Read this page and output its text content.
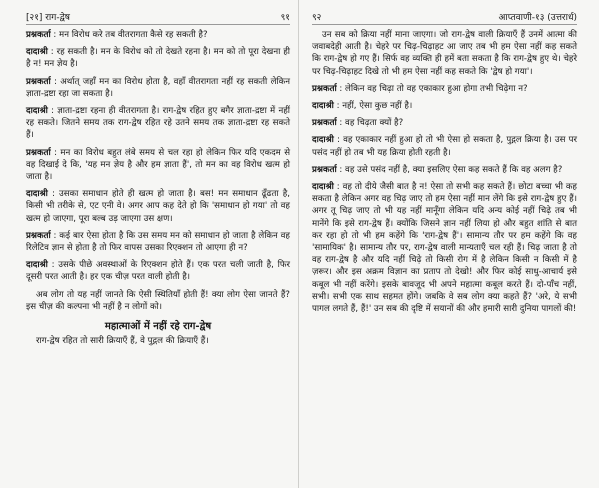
[२१] राग-द्वेष	९१

प्रश्नकर्ता : मन विरोध करे तब वीतरागता कैसे रह सकती है?

दादाश्री : रह सकती है। मन के विरोध को तो देखते रहना है। मन को तो पूरा देखना ही है न! मन ज्ञेय है।

प्रश्नकर्ता : अर्थात् जहाँ मन का विरोध होता है, वहाँ वीतरागता नहीं रह सकती लेकिन ज्ञाता-द्रष्टा रहा जा सकता है।

दादाश्री : ज्ञाता-द्रष्टा रहना ही वीतरागता है। राग-द्वेष रहित हुए बगैर ज्ञाता-द्रष्टा में नहीं रह सकते। जितने समय तक राग-द्वेष रहित रहे उतने समय तक ज्ञाता-द्रष्टा रह सकते हैं।

प्रश्नकर्ता : मन का विरोध बहुत लंबे समय से चल रहा हो लेकिन फिर यदि एकदम से वह दिखाई दे कि, 'यह मन ज्ञेय है और हम ज्ञाता हैं', तो मन का वह विरोध खत्म हो जाता है।

दादाश्री : उसका समाधान होते ही खत्म हो जाता है। बस! मन समाधान ढूँढता है, किसी भी तरीके से, एट एनी वे। अगर आप कह देते हो कि 'समाधान हो गया' तो वह खत्म हो जाएगा, पूरा बल्ब उड़ जाएगा उस क्षण।

प्रश्नकर्ता : कई बार ऐसा होता है कि उस समय मन को समाधान हो जाता है लेकिन वह रिलेटिव ज्ञान से होता है तो फिर वापस उसका रिएक्शन तो आएगा ही न?

दादाश्री : उसके पीछे अवस्थाओं के रिएक्शन होते हैं। एक परत चली जाती है, फिर दूसरी परत आती है। हर एक चीज़ परत वाली होती है।

अब लोग तो यह नहीं जानते कि ऐसी स्थितियाँ होती हैं! क्या लोग ऐसा जानते हैं? इस चीज़ की कल्पना भी नहीं है न लोगों को।

महात्माओं में नहीं रहे राग-द्वेष

राग-द्वेष रहित तो सारी क्रियाएँ हैं, वे पुद्गल की क्रियाएँ हैं।

९२	आप्तवाणी-१३ (उत्तरार्ध)

उन सब को क्रिया नहीं माना जाएगा। जो राग-द्वेष वाली क्रियाएँ हैं उनमें आत्मा की जवाबदेही आती है। चेहरे पर चिढ़-चिढ़ाहट आ जाए तब भी हम ऐसा नहीं कह सकते कि राग-द्वेष हो गए हैं। सिर्फ वह व्यक्ति ही हमें बता सकता है कि राग-द्वेष हुए थे। चेहरे पर चिढ़-चिढ़ाहट दिखे तो भी हम ऐसा नहीं कह सकते कि 'द्वेष हो गया'।

प्रश्नकर्ता : लेकिन वह चिढ़ा तो वह एकाकार हुआ होगा तभी चिढ़ेगा न?

दादाश्री : नहीं, ऐसा कुछ नहीं है।

प्रश्नकर्ता : वह चिढ़ता क्यों है?

दादाश्री : वह एकाकार नहीं हुआ हो तो भी ऐसा हो सकता है, पुद्गल क्रिया है। उस पर पसंद नहीं हो तब भी यह क्रिया होती रहती है।

प्रश्नकर्ता : वह उसे पसंद नहीं है, क्या इसलिए ऐसा कह सकते हैं कि वह अलग है?

दादाश्री : वह तो दीये जैसी बात है न! ऐसा तो सभी कह सकते हैं। छोटा बच्चा भी कह सकता है लेकिन अगर वह चिढ़ जाए तो हम ऐसा नहीं मान लेंगे कि इसे राग-द्वेष हुए हैं। अगर तू चिढ़ जाए तो भी यह नहीं मानूँगा लेकिन यदि अन्य कोई नहीं चिढ़े तब भी मानेंगे कि इसे राग-द्वेष हैं। क्योंकि जिसने ज्ञान नहीं लिया हो और बहुत शांति से बात कर रहा हो तो भी हम कहेंगे कि 'राग-द्वेष हैं'। सामान्य तौर पर हम कहेंगे कि वह 'सामायिक' है। सामान्य तौर पर, राग-द्वेष वाली मान्यताएँ चल रही हैं। चिढ़ जाता है तो वह राग-द्वेष है और यदि नहीं चिढ़े तो किसी रोग में है लेकिन किसी न किसी में है ज़रूर। और इस अक्रम विज्ञान का प्रताप तो देखो! और फिर कोई साधु-आचार्य इसे कबूल भी नहीं करेंगे। इसके बावजूद भी अपने महात्मा कबूल करते हैं। दो-पाँच नहीं, सभी। सभी एक साथ सहमत होंगे। जबकि वे सब लोग क्या कहते हैं? 'अरे, ये सभी पागल लगते हैं, हैं!' उन सब की दृष्टि में सयानों की और हमारी सारी दुनिया पागलों की!
